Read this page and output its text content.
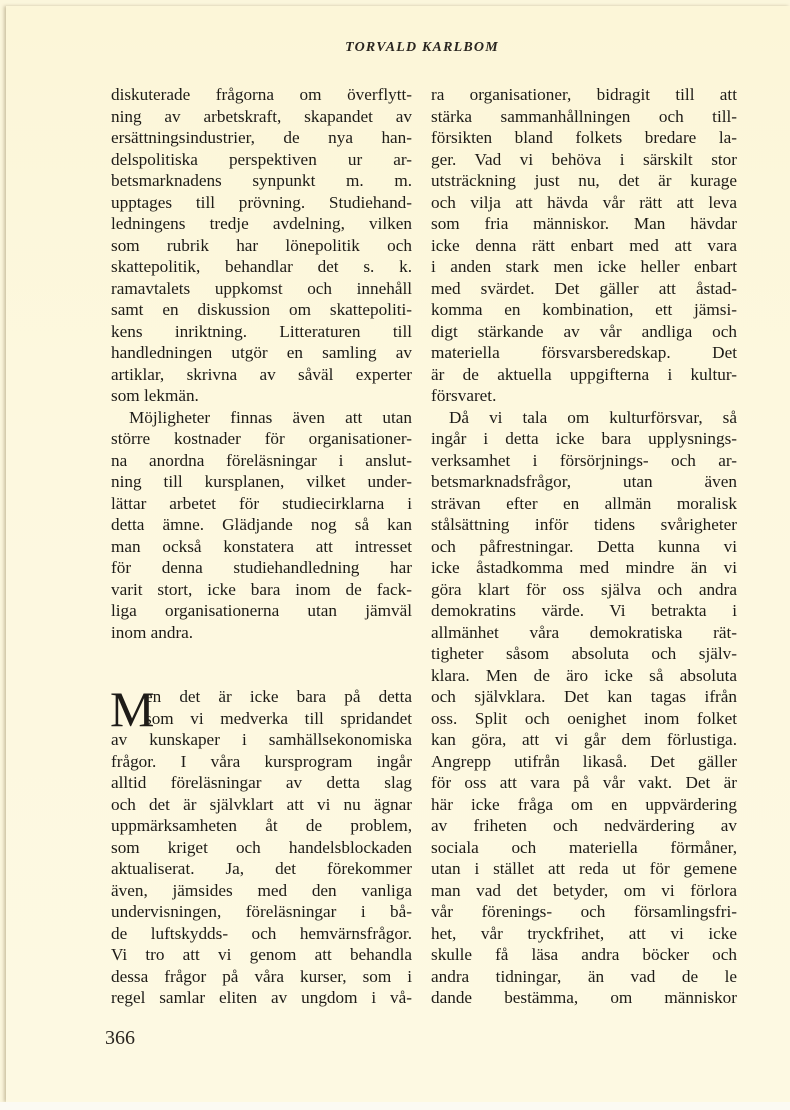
TORVALD KARLBOM
diskuterade frågorna om överflytt-
ning av arbetskraft, skapandet av
ersättningsindustrier, de nya han-
delspolitiska perspektiven ur ar-
betsmarknadens synpunkt m. m.
upptages till prövning. Studiehand-
ledningens tredje avdelning, vilken
som rubrik har lönepolitik och
skattepolitik, behandlar det s. k.
ramavtalets uppkomst och innehåll
samt en diskussion om skattepoliti-
kens inriktning. Litteraturen till
handledningen utgör en samling av
artiklar, skrivna av såväl experter
som lekmän.
Möjligheter finnas även att utan
större kostnader för organisationer-
na anordna föreläsningar i anslut-
ning till kursplanen, vilket under-
lättar arbetet för studiecirklarna i
detta ämne. Glädjande nog så kan
man också konstatera att intresset
för denna studiehandledning har
varit stort, icke bara inom de fack-
liga organisationerna utan jämväl
inom andra.
M
en det är icke bara på detta
som vi medverka till spridandet
av kunskaper i samhällsekonomiska
frågor. I våra kursprogram ingår
alltid föreläsningar av detta slag
och det är självklart att vi nu ägnar
uppmärksamheten åt de problem,
som kriget och handelsblockaden
aktualiserat. Ja, det förekommer
även, jämsides med den vanliga
undervisningen, föreläsningar i bå-
de luftskydds- och hemvärnsfrågor.
Vi tro att vi genom att behandla
dessa frågor på våra kurser, som i
regel samlar eliten av ungdom i vå-
ra organisationer, bidragit till att
stärka sammanhållningen och till-
försikten bland folkets bredare la-
ger. Vad vi behöva i särskilt stor
utsträckning just nu, det är kurage
och vilja att hävda vår rätt att leva
som fria människor. Man hävdar
icke denna rätt enbart med att vara
i anden stark men icke heller enbart
med svärdet. Det gäller att åstad-
komma en kombination, ett jämsi-
digt stärkande av vår andliga och
materiella försvarsberedskap. Det
är de aktuella uppgifterna i kultur-
försvaret.
Då vi tala om kulturförsvar, så
ingår i detta icke bara upplysnings-
verksamhet i försörjnings- och ar-
betsmarknadsfrågor, utan även
strävan efter en allmän moralisk
stålsättning inför tidens svårigheter
och påfrestningar. Detta kunna vi
icke åstadkomma med mindre än vi
göra klart för oss själva och andra
demokratins värde. Vi betrakta i
allmänhet våra demokratiska rät-
tigheter såsom absoluta och själv-
klara. Men de äro icke så absoluta
och självklara. Det kan tagas ifrån
oss. Split och oenighet inom folket
kan göra, att vi går dem förlustiga.
Angrepp utifrån likaså. Det gäller
för oss att vara på vår vakt. Det är
här icke fråga om en uppvärdering
av friheten och nedvärdering av
sociala och materiella förmåner,
utan i stället att reda ut för gemene
man vad det betyder, om vi förlora
vår förenings- och församlingsfri-
het, vår tryckfrihet, att vi icke
skulle få läsa andra böcker och
andra tidningar, än vad de le
dande bestämma, om människor
366
